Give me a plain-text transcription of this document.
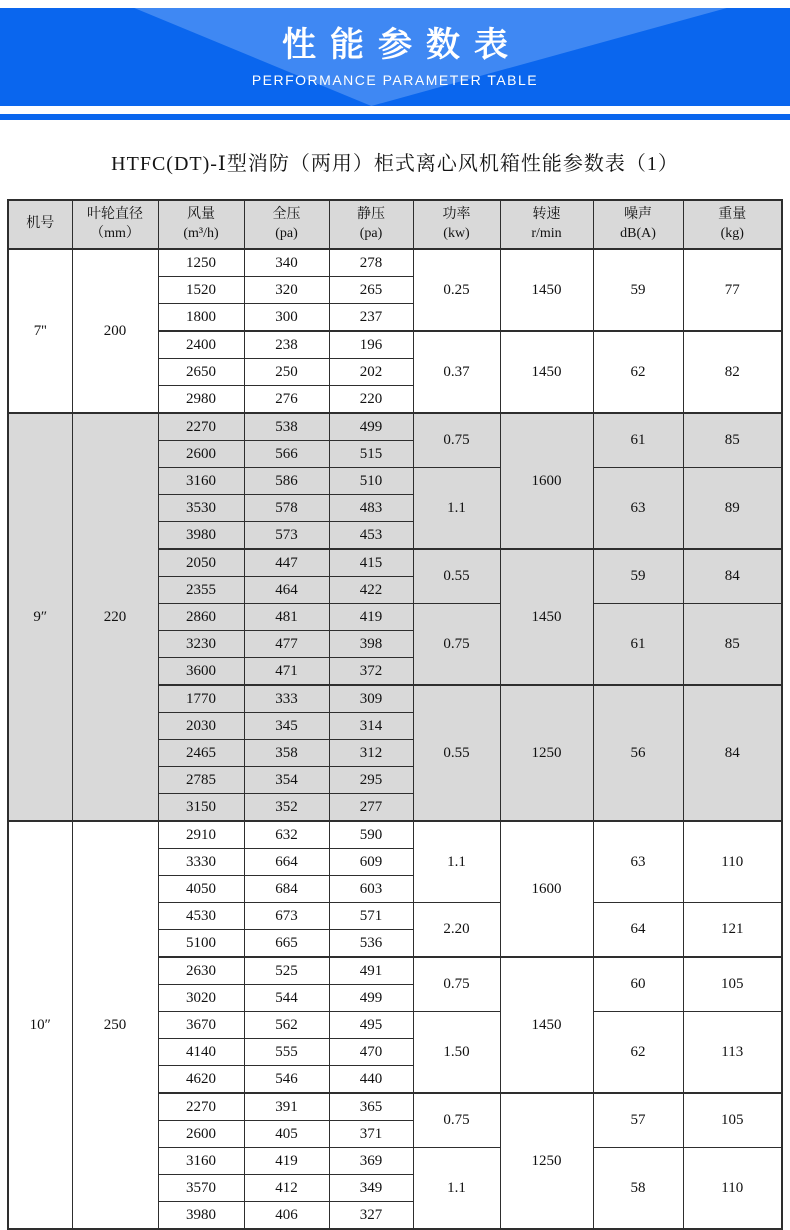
性能参数表
PERFORMANCE PARAMETER TABLE
HTFC(DT)-Ⅰ型消防（两用）柜式离心风机箱性能参数表（1）
机号

叶轮直径
（mm）

风量
(m³/h)

全压
(pa)

静压
(pa)

功率
(kw)

转速
r/min

噪声
dB(A)

重量
(kg)

7''	200	1250	340	278	0.25	1450	59	77
		1520	320	265				
		1800	300	237				
		2400	238	196	0.37	1450	62	82
		2650	250	202				
		2980	276	220				
9″	220	2270	538	499	0.75	1600	61	85
		2600	566	515				
		3160	586	510	1.1		63	89
		3530	578	483				
		3980	573	453				
		2050	447	415	0.55	1450	59	84
		2355	464	422				
		2860	481	419	0.75		61	85
		3230	477	398				
		3600	471	372				
		1770	333	309	0.55	1250	56	84
		2030	345	314				
		2465	358	312				
		2785	354	295				
		3150	352	277				
10″	250	2910	632	590	1.1	1600	63	110
		3330	664	609				
		4050	684	603				
		4530	673	571	2.20		64	121
		5100	665	536				
		2630	525	491	0.75	1450	60	105
		3020	544	499				
		3670	562	495	1.50		62	113
		4140	555	470				
		4620	546	440				
		2270	391	365	0.75	1250	57	105
		2600	405	371				
		3160	419	369	1.1		58	110
		3570	412	349				
		3980	406	327				
